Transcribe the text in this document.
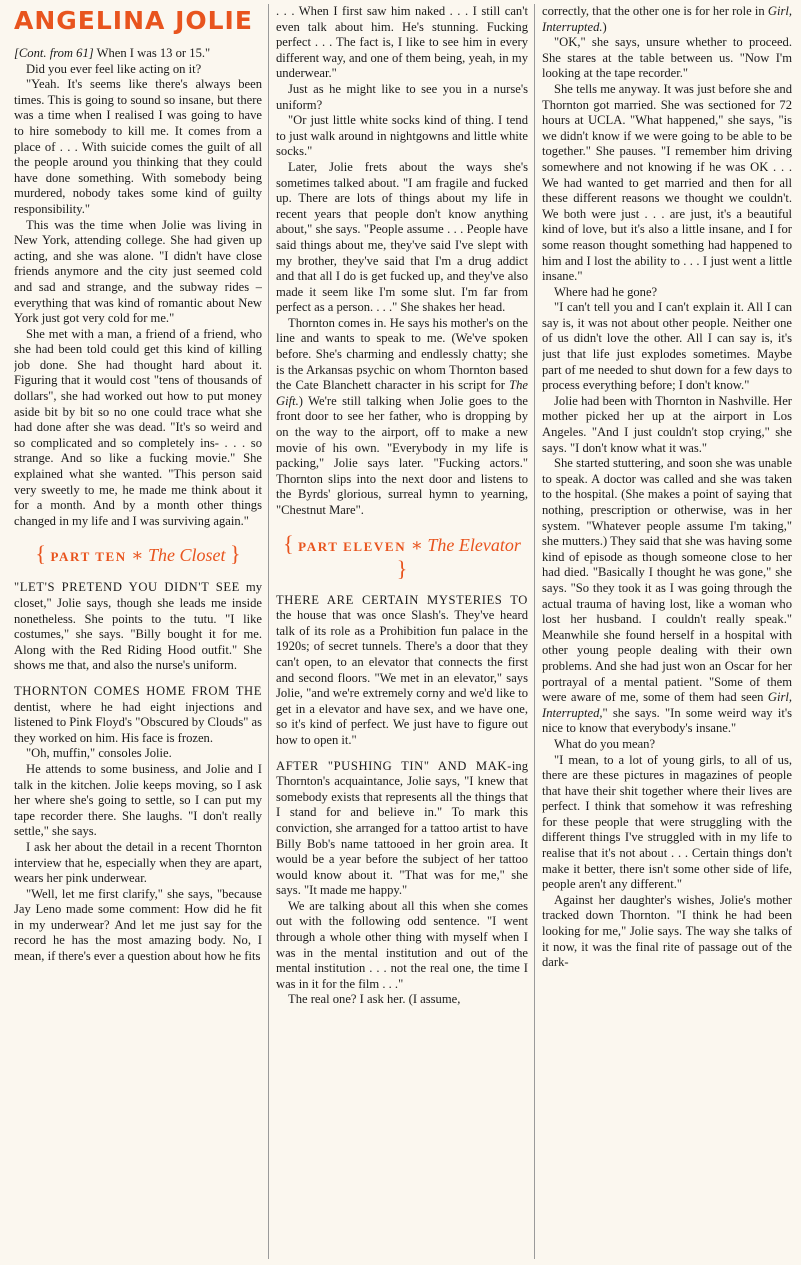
ANGELINA JOLIE

[Cont. from 61] When I was 13 or 15."

Did you ever feel like acting on it?

"Yeah. It's seems like there's always been times. This is going to sound so insane, but there was a time when I realised I was going to have to hire somebody to kill me. It comes from a place of . . . With suicide comes the guilt of all the people around you thinking that they could have done something. With somebody being murdered, nobody takes some kind of guilty responsibility."

This was the time when Jolie was living in New York, attending college. She had given up acting, and she was alone. "I didn't have close friends anymore and the city just seemed cold and sad and strange, and the subway rides – everything that was kind of romantic about New York just got very cold for me."

She met with a man, a friend of a friend, who she had been told could get this kind of killing job done. She had thought hard about it. Figuring that it would cost "tens of thousands of dollars", she had worked out how to put money aside bit by bit so no one could trace what she had done after she was dead. "It's so weird and so complicated and so completely ins- . . . so strange. And so like a fucking movie." She explained what she wanted. "This person said very sweetly to me, he made me think about it for a month. And by a month other things changed in my life and I was surviving again."

{ PART TEN ∗ The Closet }

"LET'S PRETEND YOU DIDN'T SEE my closet," Jolie says, though she leads me inside nonetheless. She points to the tutu. "I like costumes," she says. "Billy bought it for me. Along with the Red Riding Hood outfit." She shows me that, and also the nurse's uniform.

THORNTON COMES HOME FROM THE dentist, where he had eight injections and listened to Pink Floyd's "Obscured by Clouds" as they worked on him. His face is frozen.

"Oh, muffin," consoles Jolie.

He attends to some business, and Jolie and I talk in the kitchen. Jolie keeps moving, so I ask her where she's going to settle, so I can put my tape recorder there. She laughs. "I don't really settle," she says.

I ask her about the detail in a recent Thornton interview that he, especially when they are apart, wears her pink underwear.

"Well, let me first clarify," she says, "because Jay Leno made some comment: How did he fit in my underwear? And let me just say for the record he has the most amazing body. No, I mean, if there's ever a question about how he fits

. . . When I first saw him naked . . . I still can't even talk about him. He's stunning. Fucking perfect . . . The fact is, I like to see him in every different way, and one of them being, yeah, in my underwear."

Just as he might like to see you in a nurse's uniform?

"Or just little white socks kind of thing. I tend to just walk around in nightgowns and little white socks."

Later, Jolie frets about the ways she's sometimes talked about. "I am fragile and fucked up. There are lots of things about my life in recent years that people don't know anything about," she says. "People assume . . . People have said things about me, they've said I've slept with my brother, they've said that I'm a drug addict and that all I do is get fucked up, and they've also made it seem like I'm some slut. I'm far from perfect as a person. . . ." She shakes her head.

Thornton comes in. He says his mother's on the line and wants to speak to me. (We've spoken before. She's charming and endlessly chatty; she is the Arkansas psychic on whom Thornton based the Cate Blanchett character in his script for The Gift.) We're still talking when Jolie goes to the front door to see her father, who is dropping by on the way to the airport, off to make a new movie of his own. "Everybody in my life is packing," Jolie says later. "Fucking actors." Thornton slips into the next door and listens to the Byrds' glorious, surreal hymn to yearning, "Chestnut Mare".

{ PART ELEVEN ∗ The Elevator }

THERE ARE CERTAIN MYSTERIES TO the house that was once Slash's. They've heard talk of its role as a Prohibition fun palace in the 1920s; of secret tunnels. There's a door that they can't open, to an elevator that connects the first and second floors. "We met in an elevator," says Jolie, "and we're extremely corny and we'd like to get in a elevator and have sex, and we have one, so it's kind of perfect. We just have to figure out how to open it."

AFTER "PUSHING TIN" AND MAK-ing Thornton's acquaintance, Jolie says, "I knew that somebody exists that represents all the things that I stand for and believe in." To mark this conviction, she arranged for a tattoo artist to have Billy Bob's name tattooed in her groin area. It would be a year before the subject of her tattoo would know about it. "That was for me," she says. "It made me happy."

We are talking about all this when she comes out with the following odd sentence. "I went through a whole other thing with myself when I was in the mental institution and out of the mental institution . . . not the real one, the time I was in it for the film . . ."

The real one? I ask her. (I assume,

correctly, that the other one is for her role in Girl, Interrupted.)

"OK," she says, unsure whether to proceed. She stares at the table between us. "Now I'm looking at the tape recorder."

She tells me anyway. It was just before she and Thornton got married. She was sectioned for 72 hours at UCLA. "What happened," she says, "is we didn't know if we were going to be able to be together." She pauses. "I remember him driving somewhere and not knowing if he was OK . . . We had wanted to get married and then for all these different reasons we thought we couldn't. We both were just . . . are just, it's a beautiful kind of love, but it's also a little insane, and I for some reason thought something had happened to him and I lost the ability to . . . I just went a little insane."

Where had he gone?

"I can't tell you and I can't explain it. All I can say is, it was not about other people. Neither one of us didn't love the other. All I can say is, it's just that life just explodes sometimes. Maybe part of me needed to shut down for a few days to process everything before; I don't know."

Jolie had been with Thornton in Nashville. Her mother picked her up at the airport in Los Angeles. "And I just couldn't stop crying," she says. "I don't know what it was."

She started stuttering, and soon she was unable to speak. A doctor was called and she was taken to the hospital. (She makes a point of saying that nothing, prescription or otherwise, was in her system. "Whatever people assume I'm taking," she mutters.) They said that she was having some kind of episode as though someone close to her had died. "Basically I thought he was gone," she says. "So they took it as I was going through the actual trauma of having lost, like a woman who lost her husband. I couldn't really speak." Meanwhile she found herself in a hospital with other young people dealing with their own problems. And she had just won an Oscar for her portrayal of a mental patient. "Some of them were aware of me, some of them had seen Girl, Interrupted," she says. "In some weird way it's nice to know that everybody's insane."

What do you mean?

"I mean, to a lot of young girls, to all of us, there are these pictures in magazines of people that have their shit together where their lives are perfect. I think that somehow it was refreshing for these people that were struggling with the different things I've struggled with in my life to realise that it's not about . . . Certain things don't make it better, there isn't some other side of life, people aren't any different."

Against her daughter's wishes, Jolie's mother tracked down Thornton. "I think he had been looking for me," Jolie says. The way she talks of it now, it was the final rite of passage out of the dark-
